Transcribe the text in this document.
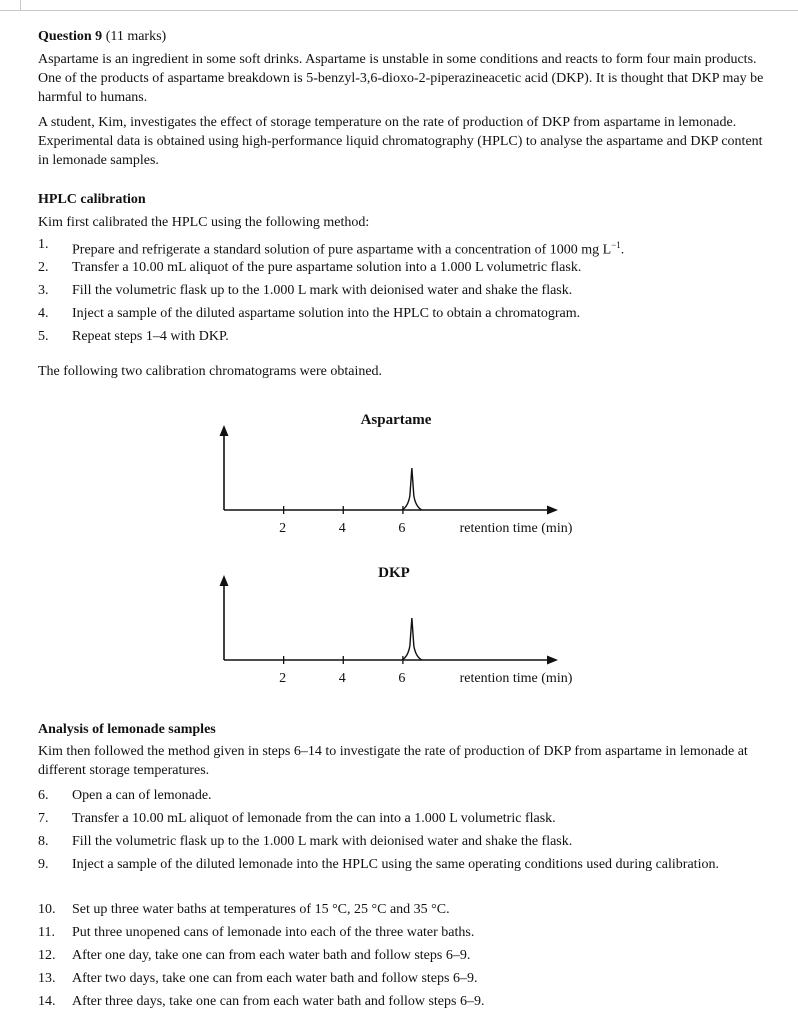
Question 9 (11 marks)

Aspartame is an ingredient in some soft drinks. Aspartame is unstable in some conditions and reacts to form four main products. One of the products of aspartame breakdown is 5-benzyl-3,6-dioxo-2-piperazineacetic acid (DKP). It is thought that DKP may be harmful to humans.

A student, Kim, investigates the effect of storage temperature on the rate of production of DKP from aspartame in lemonade. Experimental data is obtained using high-performance liquid chromatography (HPLC) to analyse the aspartame and DKP content in lemonade samples.

HPLC calibration

Kim first calibrated the HPLC using the following method:

1. Prepare and refrigerate a standard solution of pure aspartame with a concentration of 1000 mg $L^{-1}$.
2. Transfer a 10.00 mL aliquot of the pure aspartame solution into a 1.000 L volumetric flask.
3. Fill the volumetric flask up to the 1.000 L mark with deionised water and shake the flask.
4. Inject a sample of the diluted aspartame solution into the HPLC to obtain a chromatogram.
5. Repeat steps 1–4 with DKP.

The following two calibration chromatograms were obtained.

Aspartame
2	4	6	retention time (min)
DKP
2	4	6	retention time (min)

Analysis of lemonade samples

Kim then followed the method given in steps 6–14 to investigate the rate of production of DKP from aspartame in lemonade at different storage temperatures.

6. Open a can of lemonade.
7. Transfer a 10.00 mL aliquot of lemonade from the can into a 1.000 L volumetric flask.
8. Fill the volumetric flask up to the 1.000 L mark with deionised water and shake the flask.
9. Inject a sample of the diluted lemonade into the HPLC using the same operating conditions used during calibration.
10. Set up three water baths at temperatures of 15 °C, 25 °C and 35 °C.
11. Put three unopened cans of lemonade into each of the three water baths.
12. After one day, take one can from each water bath and follow steps 6–9.
13. After two days, take one can from each water bath and follow steps 6–9.
14. After three days, take one can from each water bath and follow steps 6–9.
